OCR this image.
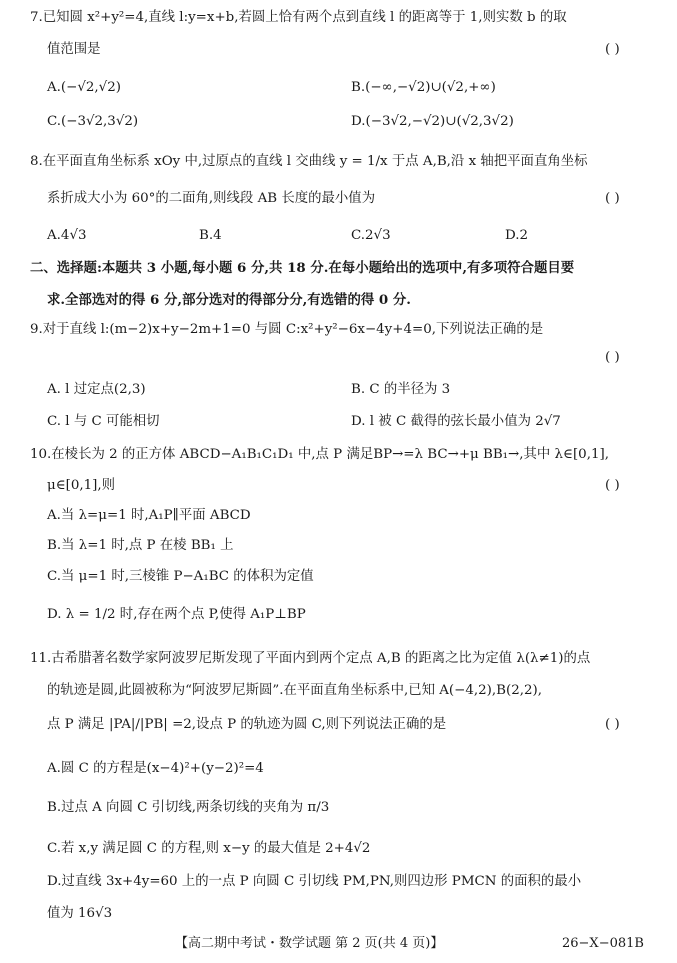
7.已知圆 x²+y²=4,直线 l:y=x+b,若圆上恰有两个点到直线 l 的距离等于 1,则实数 b 的取
值范围是	( )
A.(−√2,√2)	B.(−∞,−√2)∪(√2,+∞)
C.(−3√2,3√2)	D.(−3√2,−√2)∪(√2,3√2)
8.在平面直角坐标系 xOy 中,过原点的直线 l 交曲线 y = 1/x 于点 A,B,沿 x 轴把平面直角坐标
系折成大小为 60°的二面角,则线段 AB 长度的最小值为	( )
A.4√3	B.4	C.2√3	D.2
二、选择题:本题共 3 小题,每小题 6 分,共 18 分.在每小题给出的选项中,有多项符合题目要
求.全部选对的得 6 分,部分选对的得部分分,有选错的得 0 分.
9.对于直线 l:(m−2)x+y−2m+1=0 与圆 C:x²+y²−6x−4y+4=0,下列说法正确的是
( )
A. l 过定点(2,3)	B. C 的半径为 3
C. l 与 C 可能相切	D. l 被 C 截得的弦长最小值为 2√7
10.在棱长为 2 的正方体 ABCD−A₁B₁C₁D₁ 中,点 P 满足BP→=λ BC→+μ BB₁→,其中 λ∈[0,1],
μ∈[0,1],则	( )
A.当 λ=μ=1 时,A₁P∥平面 ABCD
B.当 λ=1 时,点 P 在棱 BB₁ 上
C.当 μ=1 时,三棱锥 P−A₁BC 的体积为定值
D. λ = 1/2 时,存在两个点 P,使得 A₁P⊥BP
11.古希腊著名数学家阿波罗尼斯发现了平面内到两个定点 A,B 的距离之比为定值 λ(λ≠1)的点
的轨迹是圆,此圆被称为“阿波罗尼斯圆”.在平面直角坐标系中,已知 A(−4,2),B(2,2),
点 P 满足 |PA|/|PB| =2,设点 P 的轨迹为圆 C,则下列说法正确的是	( )
A.圆 C 的方程是(x−4)²+(y−2)²=4
B.过点 A 向圆 C 引切线,两条切线的夹角为 π/3
C.若 x,y 满足圆 C 的方程,则 x−y 的最大值是 2+4√2
D.过直线 3x+4y=60 上的一点 P 向圆 C 引切线 PM,PN,则四边形 PMCN 的面积的最小
值为 16√3
【高二期中考试・数学试题 第 2 页(共 4 页)】	26−X−081B
